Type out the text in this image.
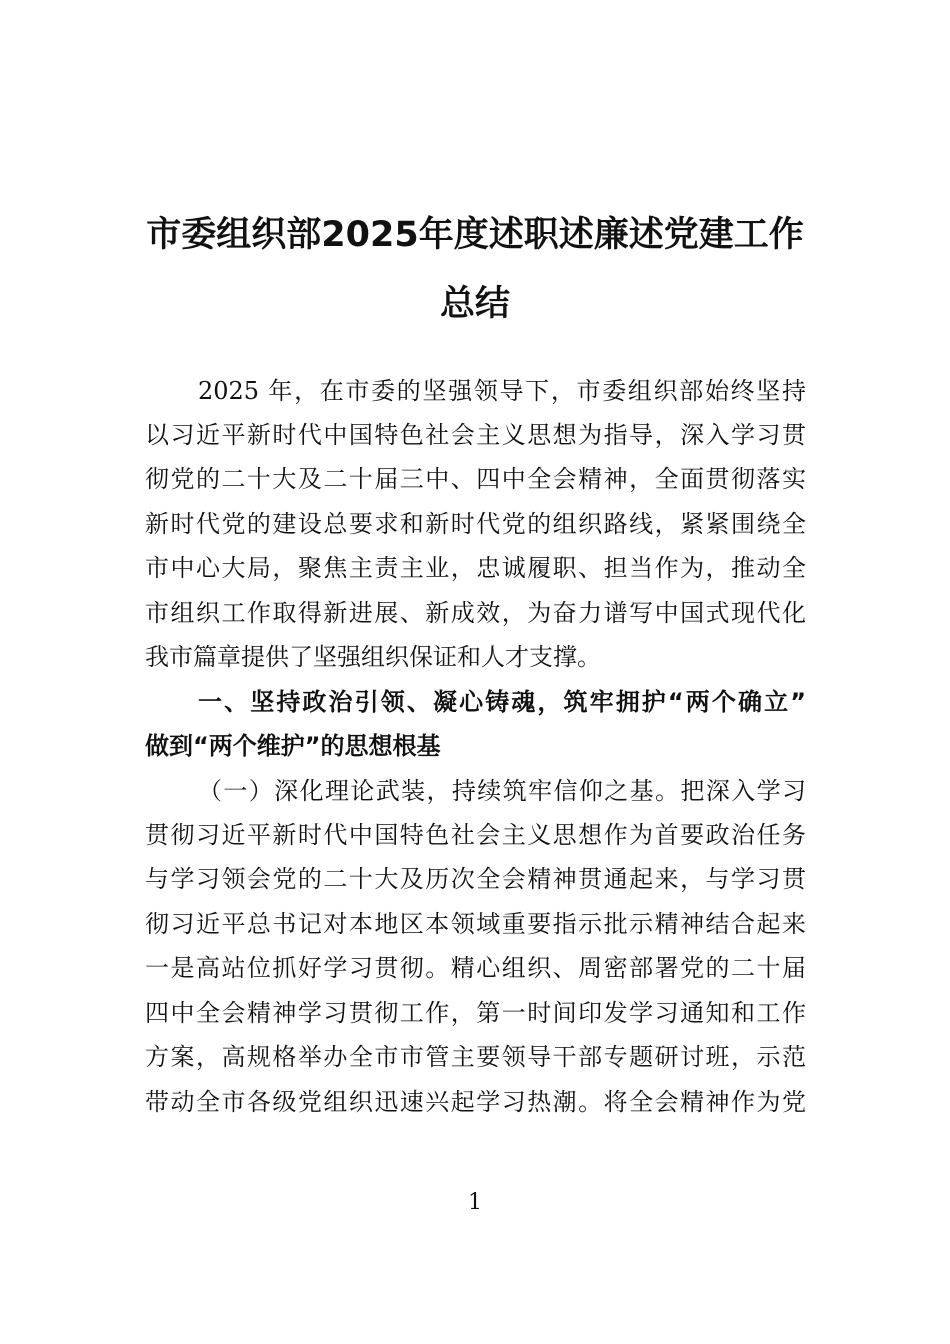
市委组织部2025年度述职述廉述党建工作
总结
2025 年，在市委的坚强领导下，市委组织部始终坚持
以习近平新时代中国特色社会主义思想为指导，深入学习贯
彻党的二十大及二十届三中、四中全会精神，全面贯彻落实
新时代党的建设总要求和新时代党的组织路线，紧紧围绕全
市中心大局，聚焦主责主业，忠诚履职、担当作为，推动全
市组织工作取得新进展、新成效，为奋力谱写中国式现代化
我市篇章提供了坚强组织保证和人才支撑。
一、坚持政治引领、凝心铸魂，筑牢拥护“两个确立”
做到“两个维护”的思想根基
（一）深化理论武装，持续筑牢信仰之基。把深入学习
贯彻习近平新时代中国特色社会主义思想作为首要政治任务
与学习领会党的二十大及历次全会精神贯通起来，与学习贯
彻习近平总书记对本地区本领域重要指示批示精神结合起来
一是高站位抓好学习贯彻。精心组织、周密部署党的二十届
四中全会精神学习贯彻工作，第一时间印发学习通知和工作
方案，高规格举办全市市管主要领导干部专题研讨班，示范
带动全市各级党组织迅速兴起学习热潮。将全会精神作为党
1
